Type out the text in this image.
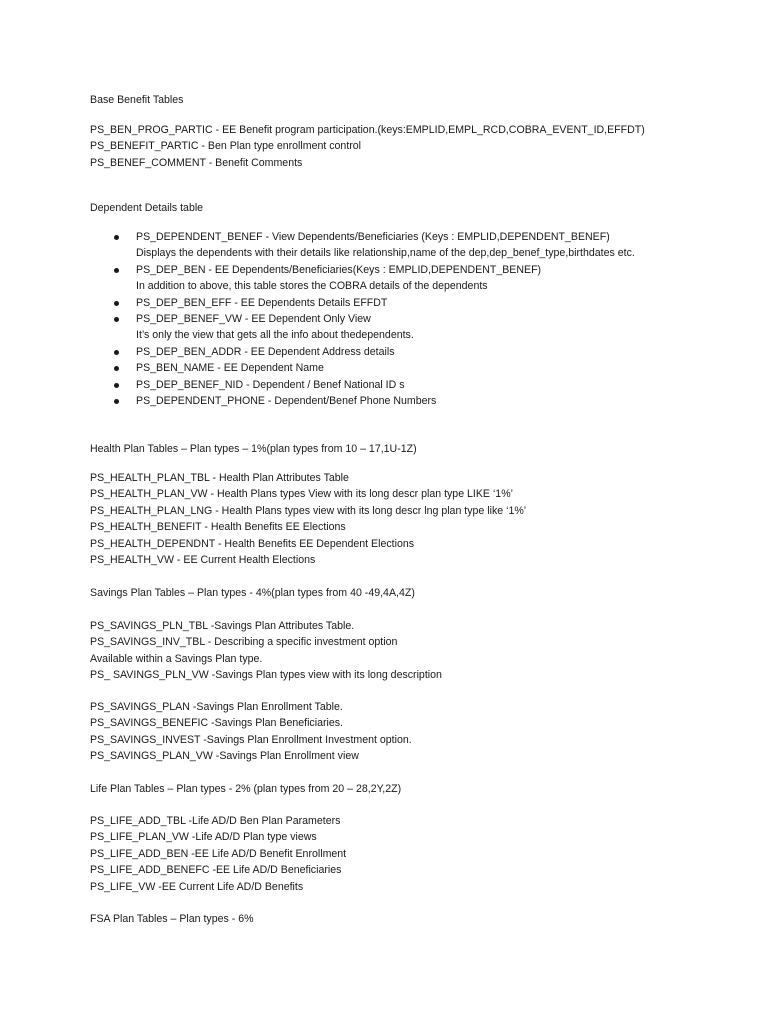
Base Benefit Tables
PS_BEN_PROG_PARTIC - EE Benefit program participation.(keys:EMPLID,EMPL_RCD,COBRA_EVENT_ID,EFFDT)
PS_BENEFIT_PARTIC - Ben Plan type enrollment control
PS_BENEF_COMMENT - Benefit Comments
Dependent Details table
PS_DEPENDENT_BENEF - View Dependents/Beneficiaries (Keys : EMPLID,DEPENDENT_BENEF)
Displays the dependents with their details like relationship,name of the dep,dep_benef_type,birthdates etc.
PS_DEP_BEN - EE Dependents/Beneficiaries(Keys : EMPLID,DEPENDENT_BENEF)
In addition to above, this table stores the COBRA details of the dependents
PS_DEP_BEN_EFF - EE Dependents Details EFFDT
PS_DEP_BENEF_VW - EE Dependent Only View
It’s only the view that gets all the info about thedependents.
PS_DEP_BEN_ADDR - EE Dependent Address details
PS_BEN_NAME - EE Dependent Name
PS_DEP_BENEF_NID - Dependent / Benef National ID s
PS_DEPENDENT_PHONE - Dependent/Benef Phone Numbers
Health Plan Tables – Plan types – 1%(plan types from 10 – 17,1U-1Z)
PS_HEALTH_PLAN_TBL - Health Plan Attributes Table
PS_HEALTH_PLAN_VW - Health Plans types View with its long descr plan type LIKE ‘1%’
PS_HEALTH_PLAN_LNG - Health Plans types view with its long descr lng plan type like ‘1%’
PS_HEALTH_BENEFIT - Health Benefits EE Elections
PS_HEALTH_DEPENDNT - Health Benefits EE Dependent Elections
PS_HEALTH_VW - EE Current Health Elections
Savings Plan Tables – Plan types - 4%(plan types from 40 -49,4A,4Z)
PS_SAVINGS_PLN_TBL -Savings Plan Attributes Table.
PS_SAVINGS_INV_TBL - Describing a specific investment option
Available within a Savings Plan type.
PS_ SAVINGS_PLN_VW -Savings Plan types view with its long description
PS_SAVINGS_PLAN -Savings Plan Enrollment Table.
PS_SAVINGS_BENEFIC -Savings Plan Beneficiaries.
PS_SAVINGS_INVEST -Savings Plan Enrollment Investment option.
PS_SAVINGS_PLAN_VW -Savings Plan Enrollment view
Life Plan Tables – Plan types - 2% (plan types from 20 – 28,2Y,2Z)
PS_LIFE_ADD_TBL -Life AD/D Ben Plan Parameters
PS_LIFE_PLAN_VW -Life AD/D Plan type views
PS_LIFE_ADD_BEN -EE Life AD/D Benefit Enrollment
PS_LIFE_ADD_BENEFC -EE Life AD/D Beneficiaries
PS_LIFE_VW -EE Current Life AD/D Benefits
FSA Plan Tables – Plan types - 6%
